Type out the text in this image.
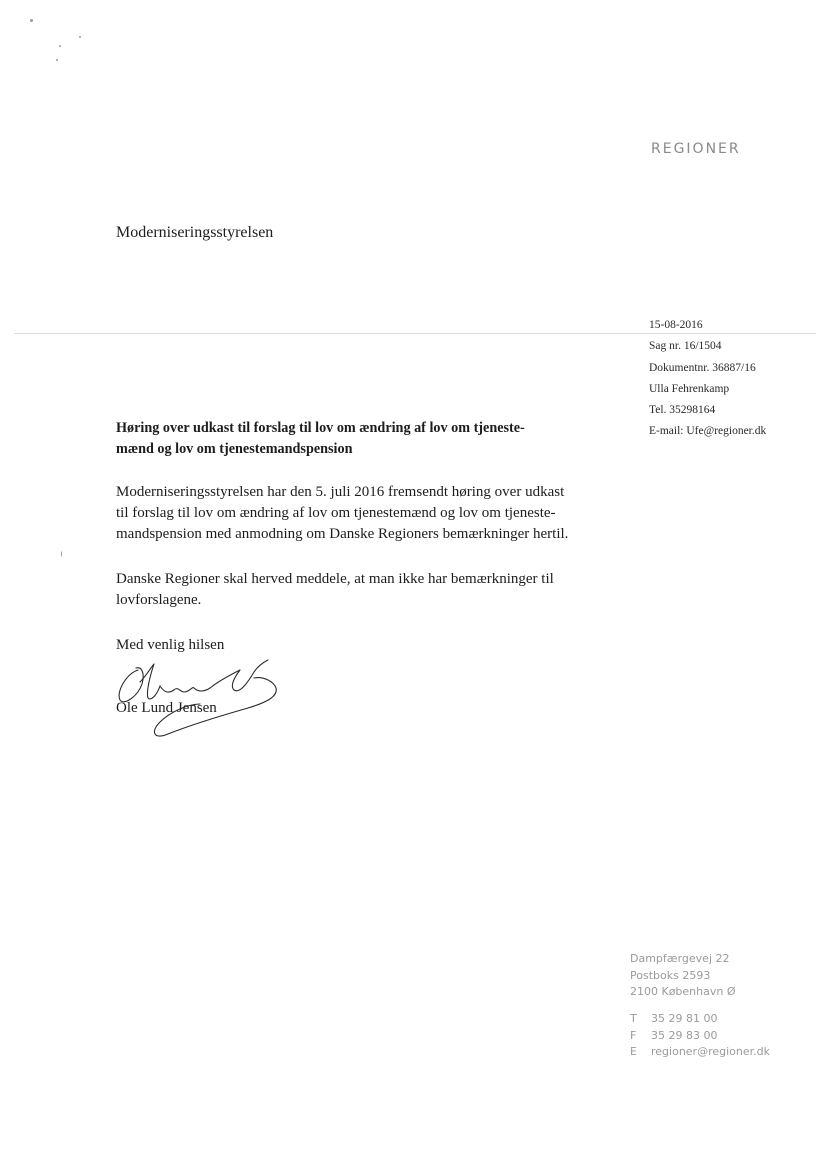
REGIONER
Moderniseringsstyrelsen
15-08-2016
Sag nr. 16/1504
Dokumentnr. 36887/16
Ulla Fehrenkamp
Tel. 35298164
E-mail: Ufe@regioner.dk
Høring over udkast til forslag til lov om ændring af lov om tjeneste-
mænd og lov om tjenestemandspension
Moderniseringsstyrelsen har den 5. juli 2016 fremsendt høring over udkast
til forslag til lov om ændring af lov om tjenestemænd og lov om tjeneste-
mandspension med anmodning om Danske Regioners bemærkninger hertil.
Danske Regioner skal herved meddele, at man ikke har bemærkninger til
lovforslagene.
Med venlig hilsen
Ole Lund Jensen
Dampfærgevej 22
Postboks 2593
2100 København Ø
T	35 29 81 00
F	35 29 83 00
E	regioner@regioner.dk
